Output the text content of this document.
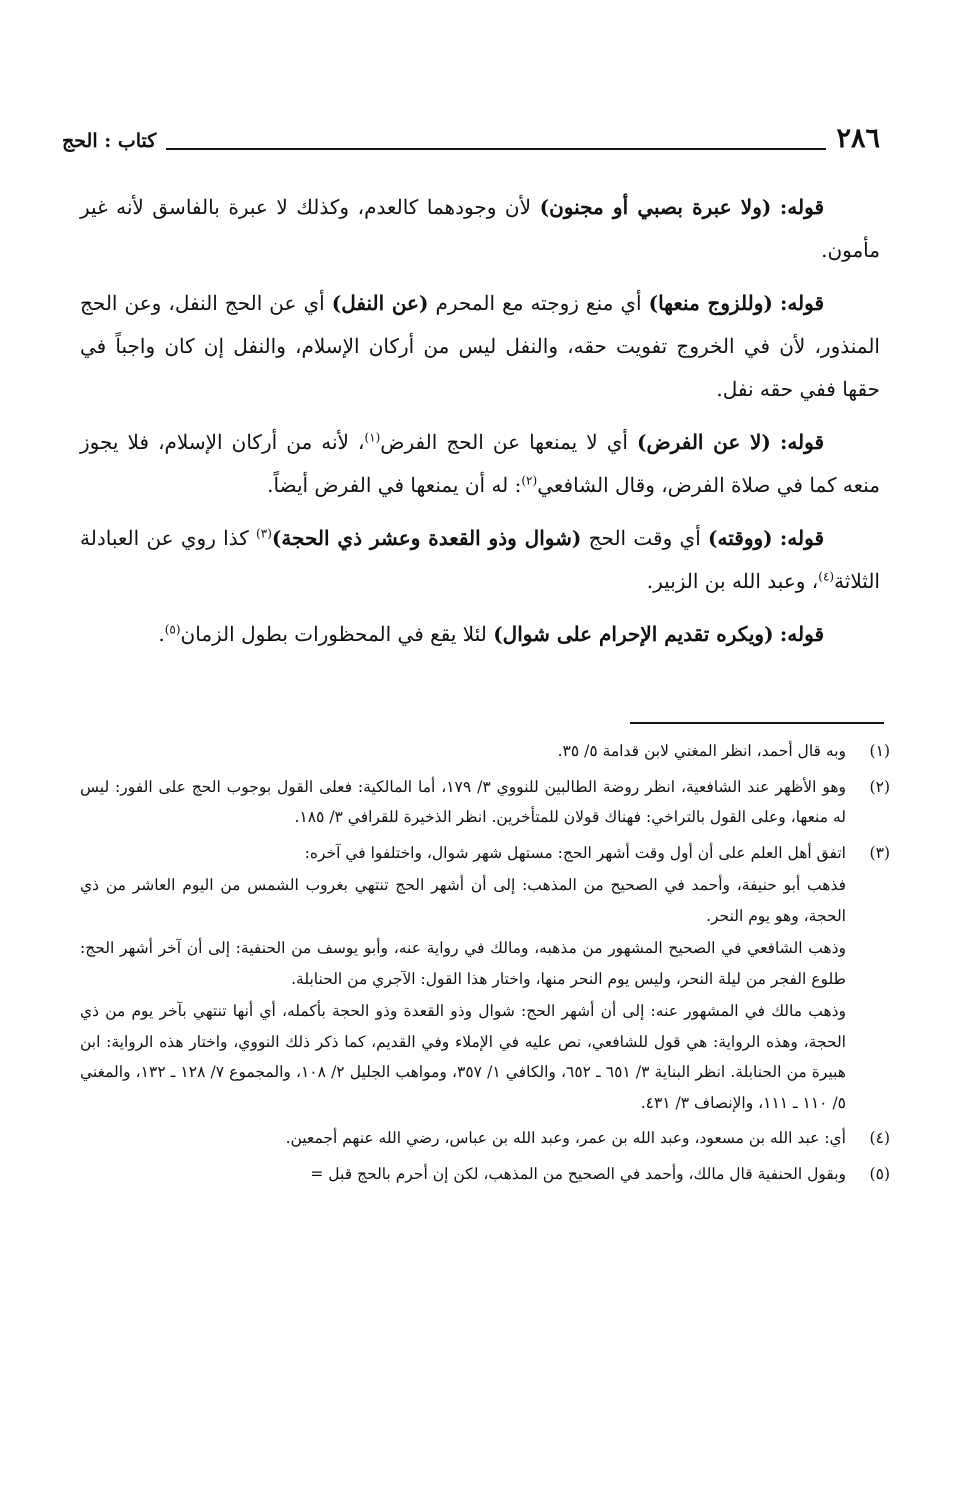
٢٨٦
كتاب : الحج

قوله: (ولا عبرة بصبي أو مجنون) لأن وجودهما كالعدم، وكذلك لا عبرة بالفاسق لأنه غير مأمون.

قوله: (وللزوج منعها) أي منع زوجته مع المحرم (عن النفل) أي عن الحج النفل، وعن الحج المنذور، لأن في الخروج تفويت حقه، والنفل ليس من أركان الإسلام، والنفل إن كان واجباً في حقها ففي حقه نفل.

قوله: (لا عن الفرض) أي لا يمنعها عن الحج الفرض$^{(١)}$، لأنه من أركان الإسلام، فلا يجوز منعه كما في صلاة الفرض، وقال الشافعي$^{(٢)}$: له أن يمنعها في الفرض أيضاً.

قوله: (ووقته) أي وقت الحج (شوال وذو القعدة وعشر ذي الحجة)$^{(٣)}$ كذا روي عن العبادلة الثلاثة$^{(٤)}$، وعبد الله بن الزبير.

قوله: (ويكره تقديم الإحرام على شوال) لئلا يقع في المحظورات بطول الزمان$^{(٥)}$.

(١)

وبه قال أحمد، انظر المغني لابن قدامة ٥/ ٣٥.

(٢)

وهو الأظهر عند الشافعية، انظر روضة الطالبين للنووي ٣/ ١٧٩، أما المالكية: فعلى القول بوجوب الحج على الفور: ليس له منعها، وعلى القول بالتراخي: فهناك قولان للمتأخرين. انظر الذخيرة للقرافي ٣/ ١٨٥.

(٣)

اتفق أهل العلم على أن أول وقت أشهر الحج: مستهل شهر شوال، واختلفوا في آخره:

فذهب أبو حنيفة، وأحمد في الصحيح من المذهب: إلى أن أشهر الحج تنتهي بغروب الشمس من اليوم العاشر من ذي الحجة، وهو يوم النحر.

وذهب الشافعي في الصحيح المشهور من مذهبه، ومالك في رواية عنه، وأبو يوسف من الحنفية: إلى أن آخر أشهر الحج: طلوع الفجر من ليلة النحر، وليس يوم النحر منها، واختار هذا القول: الآجري من الحنابلة.

وذهب مالك في المشهور عنه: إلى أن أشهر الحج: شوال وذو القعدة وذو الحجة بأكمله، أي أنها تنتهي بآخر يوم من ذي الحجة، وهذه الرواية: هي قول للشافعي، نص عليه في الإملاء وفي القديم، كما ذكر ذلك النووي، واختار هذه الرواية: ابن هبيرة من الحنابلة. انظر البناية ٣/ ٦٥١ ـ ٦٥٢، والكافي ١/ ٣٥٧، ومواهب الجليل ٢/ ١٠٨، والمجموع ٧/ ١٢٨ ـ ١٣٢، والمغني ٥/ ١١٠ ـ ١١١، والإنصاف ٣/ ٤٣١.

(٤)

أي: عبد الله بن مسعود، وعبد الله بن عمر، وعبد الله بن عباس، رضي الله عنهم أجمعين.

(٥)

وبقول الحنفية قال مالك، وأحمد في الصحيح من المذهب، لكن إن أحرم بالحج قبل =
